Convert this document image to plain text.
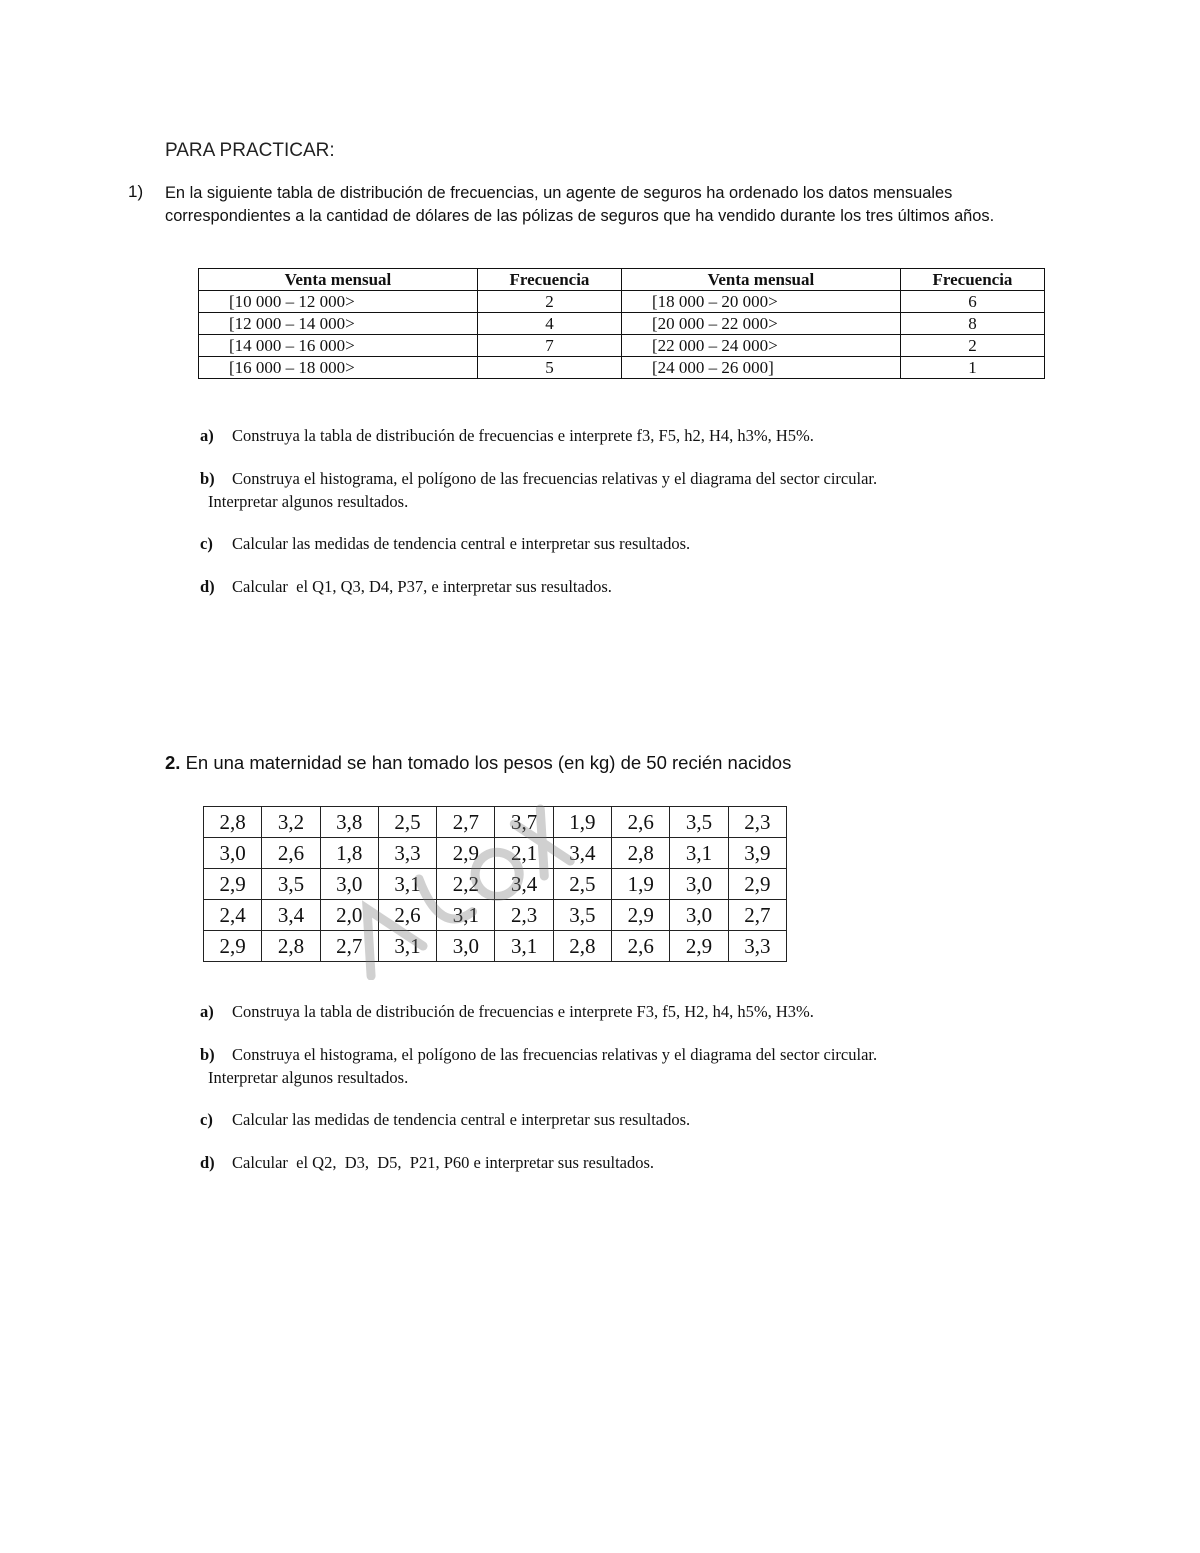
PARA PRACTICAR:
1) En la siguiente tabla de distribución de frecuencias, un agente de seguros ha ordenado los datos mensuales correspondientes a la cantidad de dólares de las pólizas de seguros que ha vendido durante los tres últimos años.
Venta mensual	Frecuencia	Venta mensual	Frecuencia
[10 000 – 12 000>	2	[18 000 – 20 000>	6
[12 000 – 14 000>	4	[20 000 – 22 000>	8
[14 000 – 16 000>	7	[22 000 – 24 000>	2
[16 000 – 18 000>	5	[24 000 – 26 000]	1
a) Construya la tabla de distribución de frecuencias e interprete f3, F5, h2, H4, h3%, H5%.
b) Construya el histograma, el polígono de las frecuencias relativas y el diagrama del sector circular.
Interpretar algunos resultados.
c) Calcular las medidas de tendencia central e interpretar sus resultados.
d) Calcular  el Q1, Q3, D4, P37, e interpretar sus resultados.
2. En una maternidad se han tomado los pesos (en kg) de 50 recién nacidos
2,8	3,2	3,8	2,5	2,7	3,7	1,9	2,6	3,5	2,3
3,0	2,6	1,8	3,3	2,9	2,1	3,4	2,8	3,1	3,9
2,9	3,5	3,0	3,1	2,2	3,4	2,5	1,9	3,0	2,9
2,4	3,4	2,0	2,6	3,1	2,3	3,5	2,9	3,0	2,7
2,9	2,8	2,7	3,1	3,0	3,1	2,8	2,6	2,9	3,3
a) Construya la tabla de distribución de frecuencias e interprete F3, f5, H2, h4, h5%, H3%.
b) Construya el histograma, el polígono de las frecuencias relativas y el diagrama del sector circular.
Interpretar algunos resultados.
c) Calcular las medidas de tendencia central e interpretar sus resultados.
d) Calcular  el Q2,  D3,  D5,  P21, P60 e interpretar sus resultados.
